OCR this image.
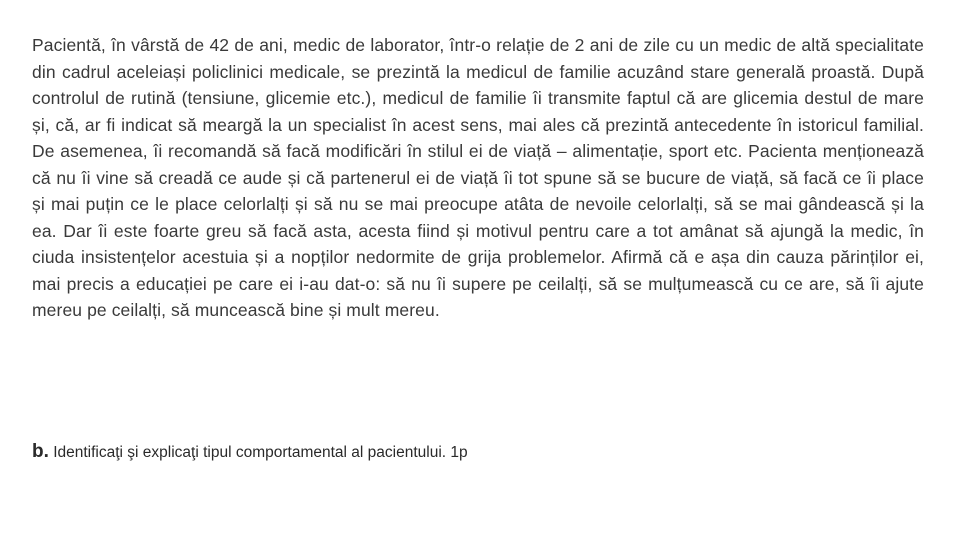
Pacientă, în vârstă de 42 de ani, medic de laborator, într-o relație de 2 ani de zile cu un medic de altă specialitate din cadrul aceleiași policlinici medicale, se prezintă la medicul de familie acuzând stare generală proastă. După controlul de rutină (tensiune, glicemie etc.), medicul de familie îi transmite faptul că are glicemia destul de mare și, că, ar fi indicat să meargă la un specialist în acest sens, mai ales că prezintă antecedente în istoricul familial. De asemenea, îi recomandă să facă modificări în stilul ei de viață – alimentație, sport etc. Pacienta menționează că nu îi vine să creadă ce aude și că partenerul ei de viață îi tot spune să se bucure de viață, să facă ce îi place și mai puțin ce le place celorlalți și să nu se mai preocupe atâta de nevoile celorlalți, să se mai gândească și la ea. Dar îi este foarte greu să facă asta, acesta fiind și motivul pentru care a tot amânat să ajungă la medic, în ciuda insistențelor acestuia și a nopților nedormite de grija problemelor. Afirmă că e așa din cauza părinților ei, mai precis a educației pe care ei i-au dat-o: să nu îi supere pe ceilalți, să se mulțumească cu ce are, să îi ajute mereu pe ceilalți, să muncească bine și mult mereu.

b. Identificaţi şi explicaţi tipul comportamental al pacientului. 1p
